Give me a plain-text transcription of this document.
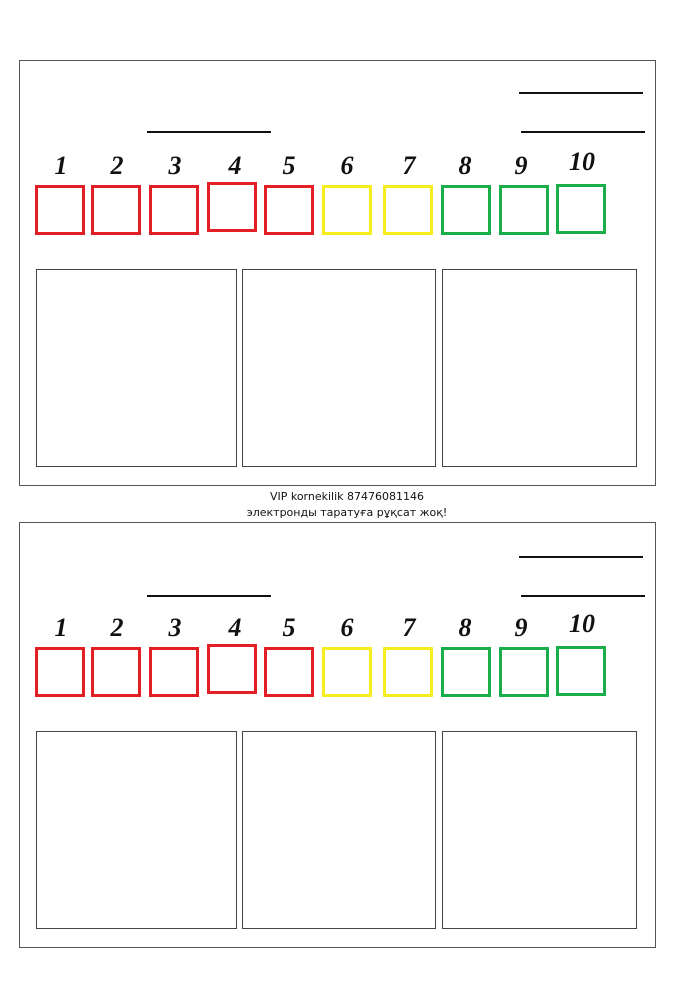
1	2	3	4	5	6	7	8	9	10
VIP kornekilik 87476081146
электронды таратуға рұқсат жоқ!
1	2	3	4	5	6	7	8	9	10
